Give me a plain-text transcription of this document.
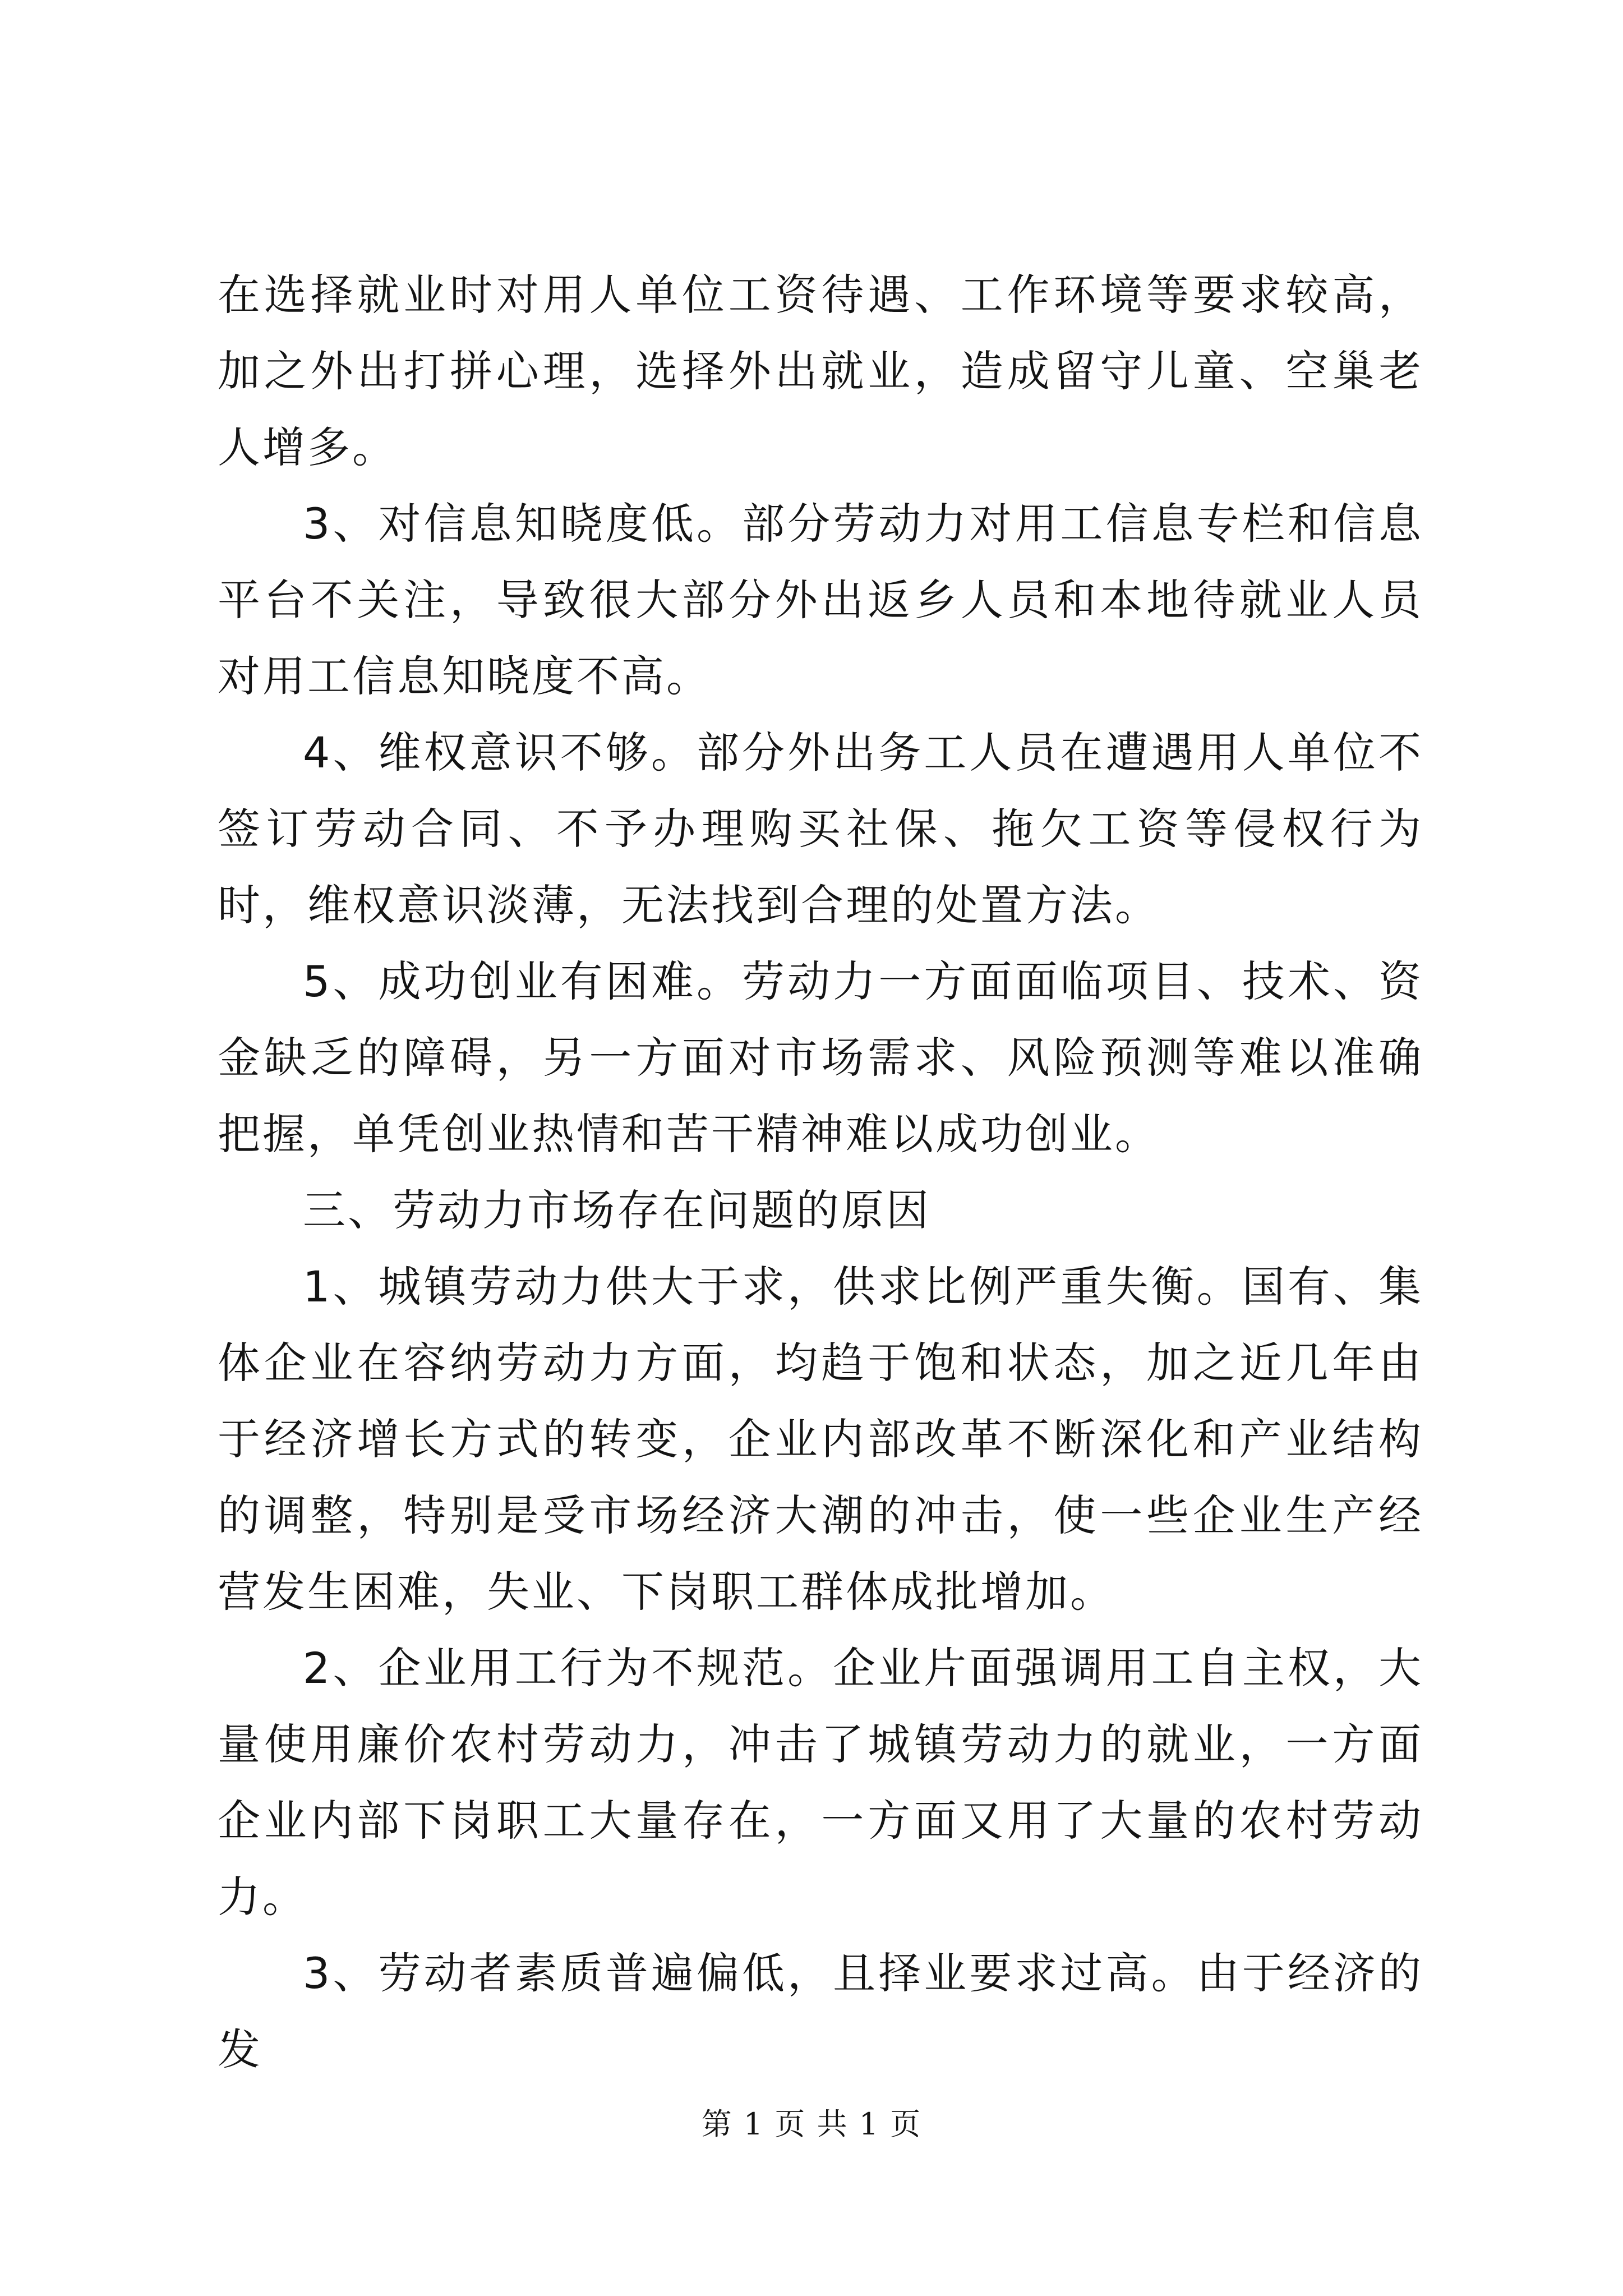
在选择就业时对用人单位工资待遇、工作环境等要求较高，加之外出打拼心理，选择外出就业，造成留守儿童、空巢老人增多。

3、对信息知晓度低。部分劳动力对用工信息专栏和信息平台不关注，导致很大部分外出返乡人员和本地待就业人员对用工信息知晓度不高。

4、维权意识不够。部分外出务工人员在遭遇用人单位不签订劳动合同、不予办理购买社保、拖欠工资等侵权行为时，维权意识淡薄，无法找到合理的处置方法。

5、成功创业有困难。劳动力一方面面临项目、技术、资金缺乏的障碍，另一方面对市场需求、风险预测等难以准确把握，单凭创业热情和苦干精神难以成功创业。

三、劳动力市场存在问题的原因

1、城镇劳动力供大于求，供求比例严重失衡。国有、集体企业在容纳劳动力方面，均趋于饱和状态，加之近几年由于经济增长方式的转变，企业内部改革不断深化和产业结构的调整，特别是受市场经济大潮的冲击，使一些企业生产经营发生困难，失业、下岗职工群体成批增加。

2、企业用工行为不规范。企业片面强调用工自主权，大量使用廉价农村劳动力，冲击了城镇劳动力的就业，一方面企业内部下岗职工大量存在，一方面又用了大量的农村劳动力。

3、劳动者素质普遍偏低，且择业要求过高。由于经济的发

第 1 页 共 1 页
